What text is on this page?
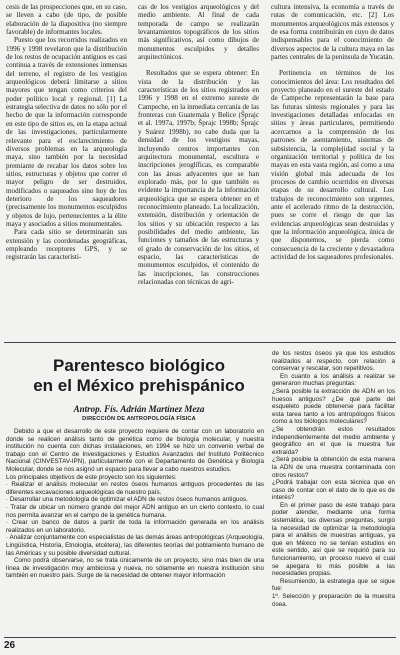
cesis de las prospecciones que, en su caso, se lleven a cabo (de tipo, de posible elaboración de la diapositiva (no siempre favorable) de informantes locales.

Puesto que los recorridos realizados en 1996 y 1998 revelaron que la distribución de los restos de ocupación antiguos es casi continua a través de extensiones inmensas del terreno, el registro de los vestigios arqueológicos deberá limitarse a sitios mayores que tengan como criterios del poder político local y regional. [1] La estrategia selectiva de datos no sólo por el hecho de que la información corresponde en este tipo de sitios es, en la etapa actual de las investigaciones, particularmente relevante para el esclarecimiento de diversos problemas en la arqueología maya, sino también por la necesidad premiante de recabar los datos sobre los sitios, estructuras y objetos que correr el mayor peligro de ser destruidos, modificados o saqueados sino hoy de los deterioro de los saqueadores (precisamente los monumentos esculpidos y objetos de lujo, pertenecientes a la élite maya y asociados a sitios monumentales.

Para cada sitio se determinarán sus extensión y las coordenadas geográficas, empleando receptores GPS, y se registrarán las característi-

cas de los vestigios arqueológicos y del medio ambiente. Al final de cada temporada de campo se realizarán levantamientos topográficos de los sitios más significativos, así como dibujos de monumentos esculpidos y detalles arquitectónicos.

Resultados que se espera obtener: En vista de la distribución y las características de los sitios registrados en 1996 y 1998 en el extremo sureste de Campeche, en la inmediata cercanía de las fronteras con Guatemala y Belice (Šprajc et al. 1997a, 1997b; Šprajc 1998b; Šprajc y Suárez 1998b), no cabe duda que la densidad de los vestigios mayas, incluyendo centros importantes con arquitectura monumental, escultura e inscripciones jeroglíficas, es comparable con las áreas adyacentes que se han explorado más, por lo que también es evidente la importancia de la información arqueológica que se espera obtener en el reconocimiento planeado. La localización, extensión, distribución y orientación de los sitios y su ubicación respecto a las posibilidades del medio ambiente, las funciones y tamaños de las estructuras y el grado de conservación de los sitios, el espacio, las características de monumentos esculpidos, el contenido de las inscripciones, las construcciones relacionadas con técnicas de agri-

cultura intensiva, la economía a través de rutas de comunicación, etc. [2] Los monumentos arqueológicos más extensos y de esa forma contribuirán en cuyo de datos indispensables para el conocimiento de diversos aspectos de la cultura maya en las partes centrales de la península de Yucatán.

Pertinencia en términos de los conocimientos del área: Los resultados del proyecto planeado en el sureste del estado de Campeche representarán la base para las futuras síntesis regionales y para las investigaciones detalladas enfocadas en sitios y áreas particulares, permitiendo acercarnos a la comprensión de los patrones de asentamiento, sistemas de subsistencia, la complejidad social y la organización territorial y política de los mayas en esta vasta región, así como a una visión global más adecuada de los procesos de cambio ocurridos en diversas etapas de su desarrollo cultural. Los trabajos de reconocimiento son urgentes, ante el acelerado ritmo de la destrucción, pues se corre el riesgo de que las evidencias arqueológicas sean destruidas y que la información arqueológica, única de que disponemos, se pierda como consecuencia de la creciente y devastadora actividad de los saqueadores profesionales.

Parentesco biológico
en el México prehispánico
Antrop. Fís. Adrián Martínez Meza
DIRECCIÓN DE ANTROPOLOGÍA FÍSICA

Debido a que el desarrollo de este proyecto requiere de contar con un laboratorio en donde se realicen análisis tanto de genética como de biología molecular, y nuestra institución no cuenta con dichas instalaciones, en 1994 se hizo un convenio verbal de trabajo con el Centro de Investigaciones y Estudios Avanzados del Instituto Politécnico Nacional (CINVESTAV-IPN), particularmente con el Departamento de Genética y Biología Molecular, donde se nos asignó un espacio para llevar a cabo nuestros estudios.

Los principales objetivos de este proyecto son los siguientes:

· Realizar el análisis molecular en restos óseos humanos antiguos procedentes de las diferentes excavaciones arqueológicas de nuestro país.

· Desarrollar una metodología de optimizar el ADN de restos óseos humanos antiguos.

· Tratar de ubicar un número grande del mejor ADN antiguo en un cierto contexto, lo cual nos permita avanzar en el campo de la genética humana.

· Crear un banco de datos a partir de toda la información generada en los análisis realizados en un laboratorio.

· Analizar conjuntamente con especialistas de las demás áreas antropológicas (Arqueología, Lingüística, Historia, Etnología, etcétera), las diferentes teorías del poblamiento humano de las Américas y su posible diversidad cultural.

Como podrá observarse, no se trata únicamente de un proyecto, sino más bien de una línea de investigación muy ambiciosa y nueva, no sólamente en nuestra institución sino también en nuestro país. Surge de la necesidad de obtener mayor información

de los restos óseos ya que los estudios realizados al respecto, con relación a conservar y rescatar, son repetitivos.

En cuanto a los análisis a realizar se generaron muchas preguntas:

¿Será posible la extracción de ADN en los huesos antiguos? ¿De qué parte del esqueleto puede obtenerse para facilitar esta tarea tanto a los antropólogos físicos como a los biólogos moleculares?

¿Se obtendrán estos resultados independientemente del medio ambiente y geográfico en el que la muestra fue extraída?

¿Será posible la obtención de esta manera la ADN de una muestra contaminada con otros restos?

¿Podrá trabajar con esta técnica que en caso de contar con el dato de lo que es de interés?

En el primer paso de este trabajo para poder atender, mediante una forma sistemática, las diversas preguntas, surgió la necesidad de optimizar la metodología para el análisis de muestras antiguas, ya que en México no se tenían estudios en este sentido, así que se requirió para su funcionamiento, un proceso nuevo el cual se apegara lo más posible a las necesidades propias.

Resumiendo, la estrategia que se sigue fue:

1º. Selección y preparación de la muestra ósea.

26
